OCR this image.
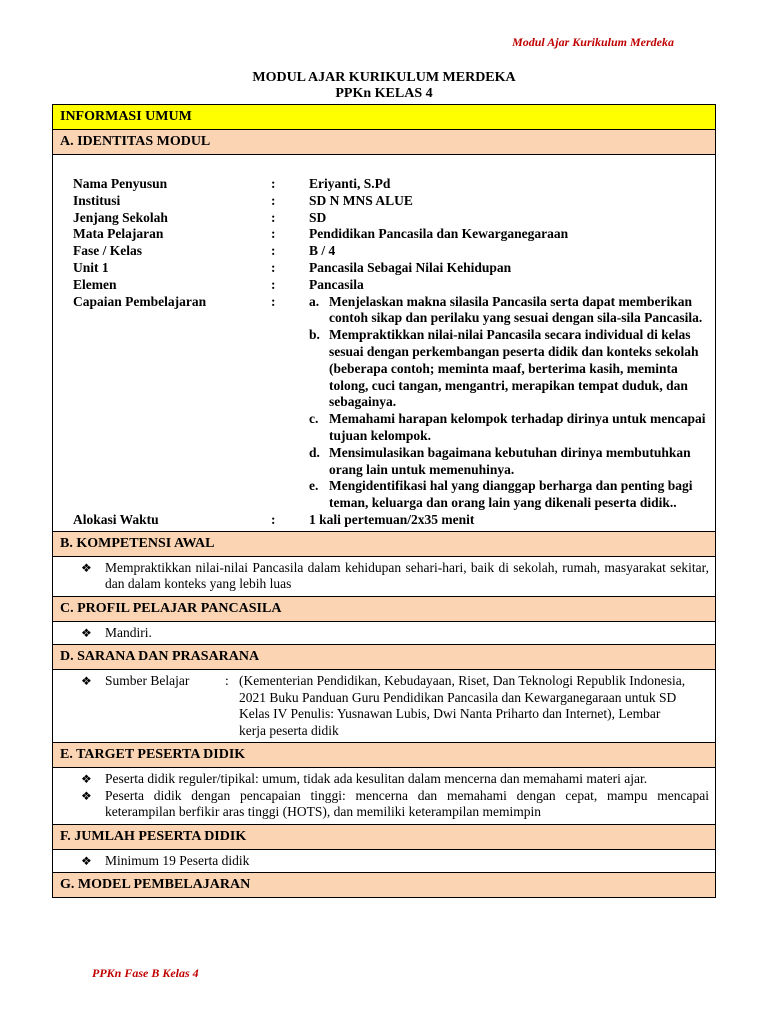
Modul Ajar Kurikulum Merdeka
MODUL AJAR KURIKULUM MERDEKA
PPKn KELAS 4
INFORMASI UMUM
A. IDENTITAS MODUL

Nama Penyusun	:	Eriyanti, S.Pd
Institusi	:	SD N MNS ALUE
Jenjang Sekolah	:	SD
Mata Pelajaran	:	Pendidikan Pancasila dan Kewarganegaraan
Fase / Kelas	:	B / 4
Unit 1	:	Pancasila Sebagai Nilai Kehidupan
Elemen	:	Pancasila
Capaian Pembelajaran	:	a. Menjelaskan makna silasila Pancasila serta dapat memberikan contoh sikap dan perilaku yang sesuai dengan sila-sila Pancasila.
b. Mempraktikkan nilai-nilai Pancasila secara individual di kelas sesuai dengan perkembangan peserta didik dan konteks sekolah (beberapa contoh; meminta maaf, berterima kasih, meminta tolong, cuci tangan, mengantri, merapikan tempat duduk, dan sebagainya.
c. Memahami harapan kelompok terhadap dirinya untuk mencapai tujuan kelompok.
d. Mensimulasikan bagaimana kebutuhan dirinya membutuhkan orang lain untuk memenuhinya.
e. Mengidentifikasi hal yang dianggap berharga dan penting bagi teman, keluarga dan orang lain yang dikenali peserta didik..
Alokasi Waktu	:	1 kali pertemuan/2x35 menit

B. KOMPETENSI AWAL

❖ Mempraktikkan nilai-nilai Pancasila dalam kehidupan sehari-hari, baik di sekolah, rumah, masyarakat sekitar, dan dalam konteks yang lebih luas

C. PROFIL PELAJAR PANCASILA

❖ Mandiri.

D. SARANA DAN PRASARANA

❖ Sumber Belajar	: (Kementerian Pendidikan, Kebudayaan, Riset, Dan Teknologi Republik Indonesia, 2021 Buku Panduan Guru Pendidikan Pancasila dan Kewarganegaraan untuk SD Kelas IV Penulis: Yusnawan Lubis, Dwi Nanta Priharto dan Internet), Lembar kerja peserta didik

E. TARGET PESERTA DIDIK

❖ Peserta didik reguler/tipikal: umum, tidak ada kesulitan dalam mencerna dan memahami materi ajar.
❖ Peserta didik dengan pencapaian tinggi: mencerna dan memahami dengan cepat, mampu mencapai keterampilan berfikir aras tinggi (HOTS), dan memiliki keterampilan memimpin

F. JUMLAH PESERTA DIDIK

❖ Minimum 19 Peserta didik

G. MODEL PEMBELAJARAN
PPKn Fase B Kelas 4
